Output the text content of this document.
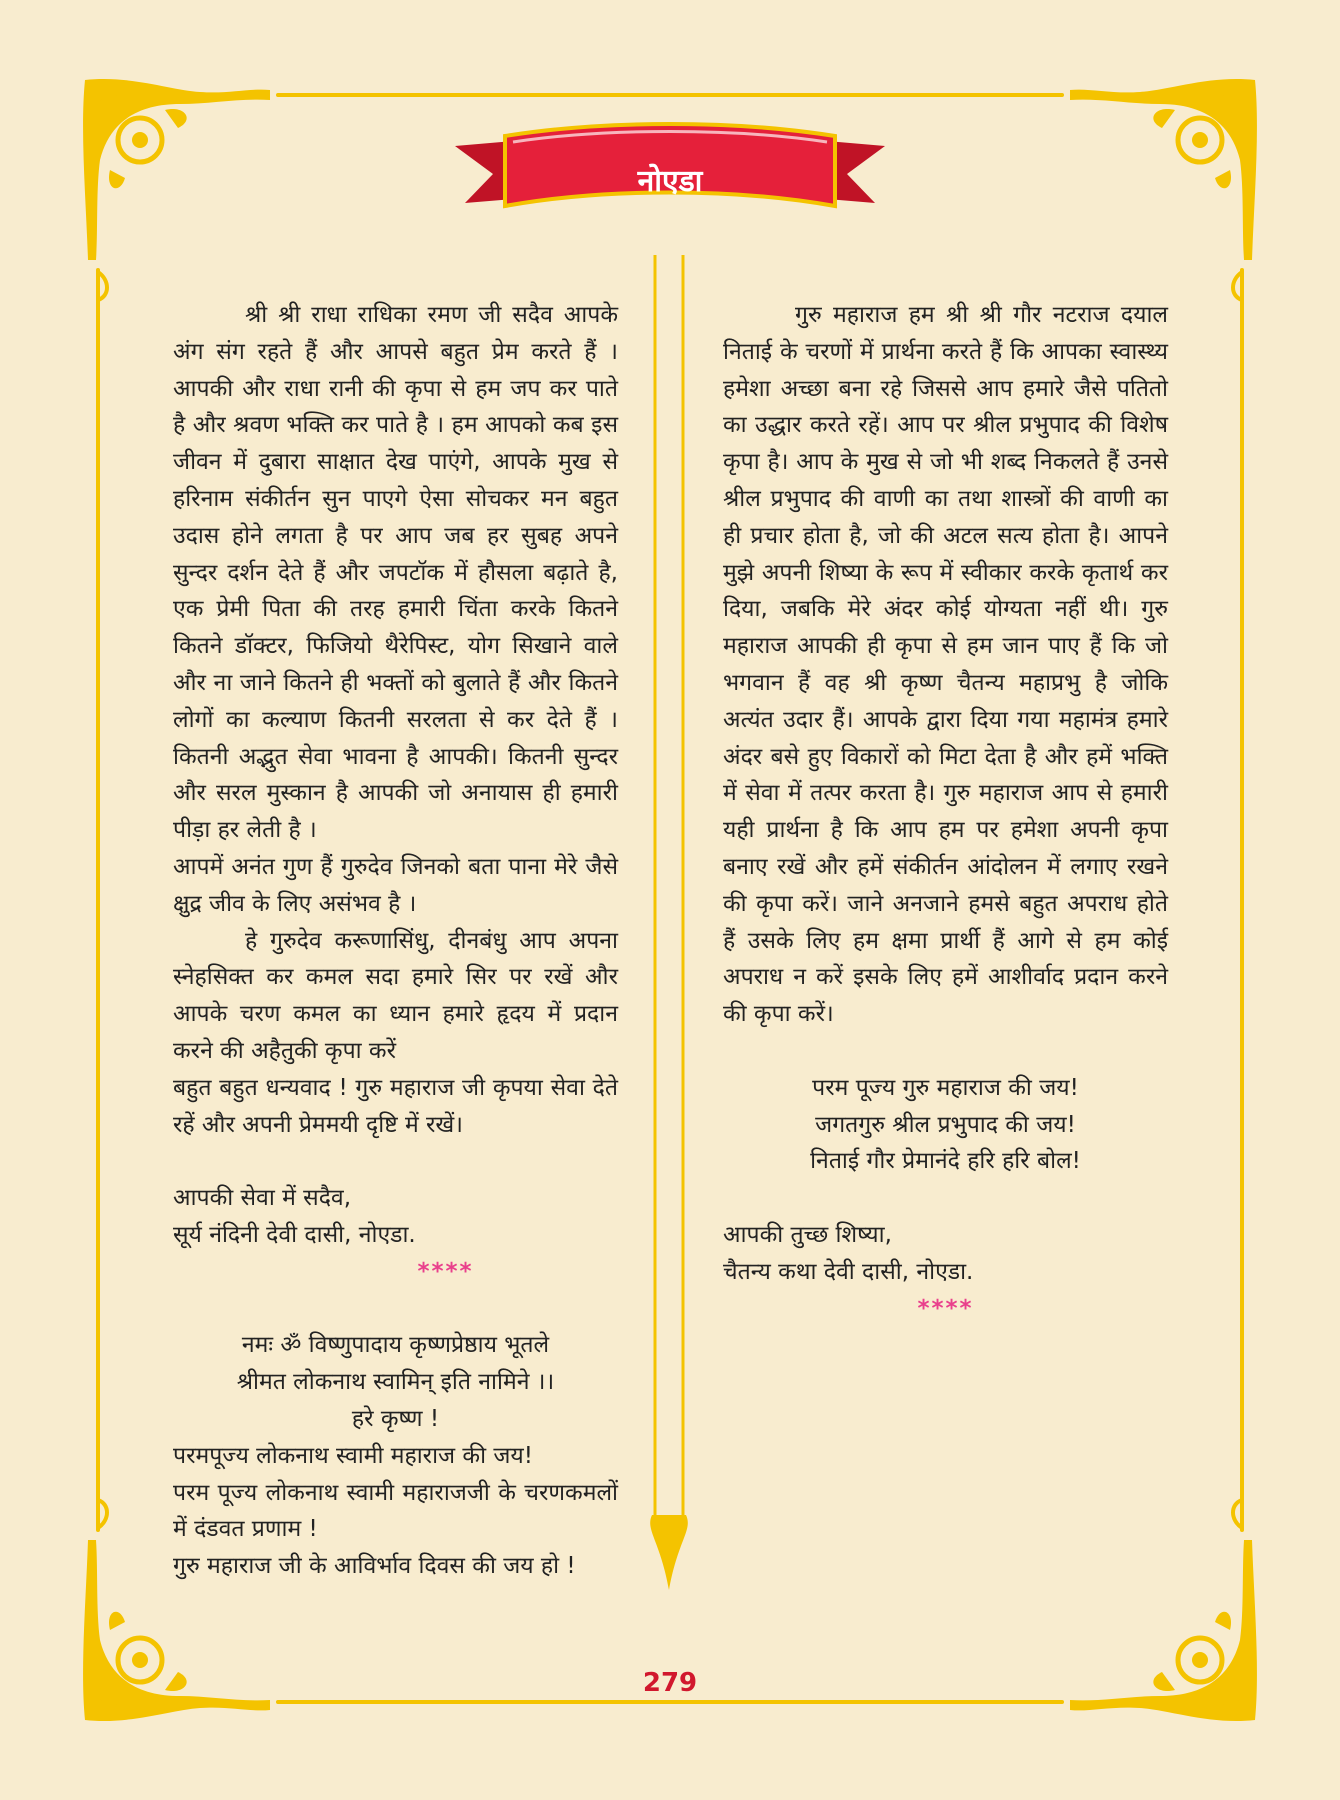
नोएडा

श्री श्री राधा राधिका रमण जी सदैव आपके अंग संग रहते हैं और आपसे बहुत प्रेम करते हैं । आपकी और राधा रानी की कृपा से हम जप कर पाते है और श्रवण भक्ति कर पाते है । हम आपको कब इस जीवन में दुबारा साक्षात देख पाएंगे, आपके मुख से हरिनाम संकीर्तन सुन पाएगे ऐसा सोचकर मन बहुत उदास होने लगता है पर आप जब हर सुबह अपने सुन्दर दर्शन देते हैं और जपटॉक में हौसला बढ़ाते है, एक प्रेमी पिता की तरह हमारी चिंता करके कितने कितने डॉक्टर, फिजियो थैरेपिस्ट, योग सिखाने वाले और ना जाने कितने ही भक्तों को बुलाते हैं और कितने लोगों का कल्याण कितनी सरलता से कर देते हैं । कितनी अद्भुत सेवा भावना है आपकी। कितनी सुन्दर और सरल मुस्कान है आपकी जो अनायास ही हमारी पीड़ा हर लेती है ।

आपमें अनंत गुण हैं गुरुदेव जिनको बता पाना मेरे जैसे क्षुद्र जीव के लिए असंभव है ।

हे गुरुदेव करूणासिंधु, दीनबंधु आप अपना स्नेहसिक्त कर कमल सदा हमारे सिर पर रखें और आपके चरण कमल का ध्यान हमारे हृदय में प्रदान करने की अहैतुकी कृपा करें

बहुत बहुत धन्यवाद ! गुरु महाराज जी कृपया सेवा देते रहें और अपनी प्रेममयी दृष्टि में रखें।

आपकी सेवा में सदैव,

सूर्य नंदिनी देवी दासी, नोएडा.

****

नमः ॐ विष्णुपादाय कृष्णप्रेष्ठाय भूतले

श्रीमत लोकनाथ स्वामिन् इति नामिने ।।

हरे कृष्ण !

परमपूज्य लोकनाथ स्वामी महाराज की जय!

परम पूज्य लोकनाथ स्वामी महाराजजी के चरणकमलों में दंडवत प्रणाम !

गुरु महाराज जी के आविर्भाव दिवस की जय हो !

गुरु महाराज हम श्री श्री गौर नटराज दयाल निताई के चरणों में प्रार्थना करते हैं कि आपका स्वास्थ्य हमेशा अच्छा बना रहे जिससे आप हमारे जैसे पतितो का उद्धार करते रहें। आप पर श्रील प्रभुपाद की विशेष कृपा है। आप के मुख से जो भी शब्द निकलते हैं उनसे श्रील प्रभुपाद की वाणी का तथा शास्त्रों की वाणी का ही प्रचार होता है, जो की अटल सत्य होता है। आपने मुझे अपनी शिष्या के रूप में स्वीकार करके कृतार्थ कर दिया, जबकि मेरे अंदर कोई योग्यता नहीं थी। गुरु महाराज आपकी ही कृपा से हम जान पाए हैं कि जो भगवान हैं वह श्री कृष्ण चैतन्य महाप्रभु है जोकि अत्यंत उदार हैं। आपके द्वारा दिया गया महामंत्र हमारे अंदर बसे हुए विकारों को मिटा देता है और हमें भक्ति में सेवा में तत्पर करता है। गुरु महाराज आप से हमारी यही प्रार्थना है कि आप हम पर हमेशा अपनी कृपा बनाए रखें और हमें संकीर्तन आंदोलन में लगाए रखने की कृपा करें। जाने अनजाने हमसे बहुत अपराध होते हैं उसके लिए हम क्षमा प्रार्थी हैं आगे से हम कोई अपराध न करें इसके लिए हमें आशीर्वाद प्रदान करने की कृपा करें।

परम पूज्य गुरु महाराज की जय!

जगतगुरु श्रील प्रभुपाद की जय!

निताई गौर प्रेमानंदे हरि हरि बोल!

आपकी तुच्छ शिष्या,

चैतन्य कथा देवी दासी, नोएडा.

****

279
